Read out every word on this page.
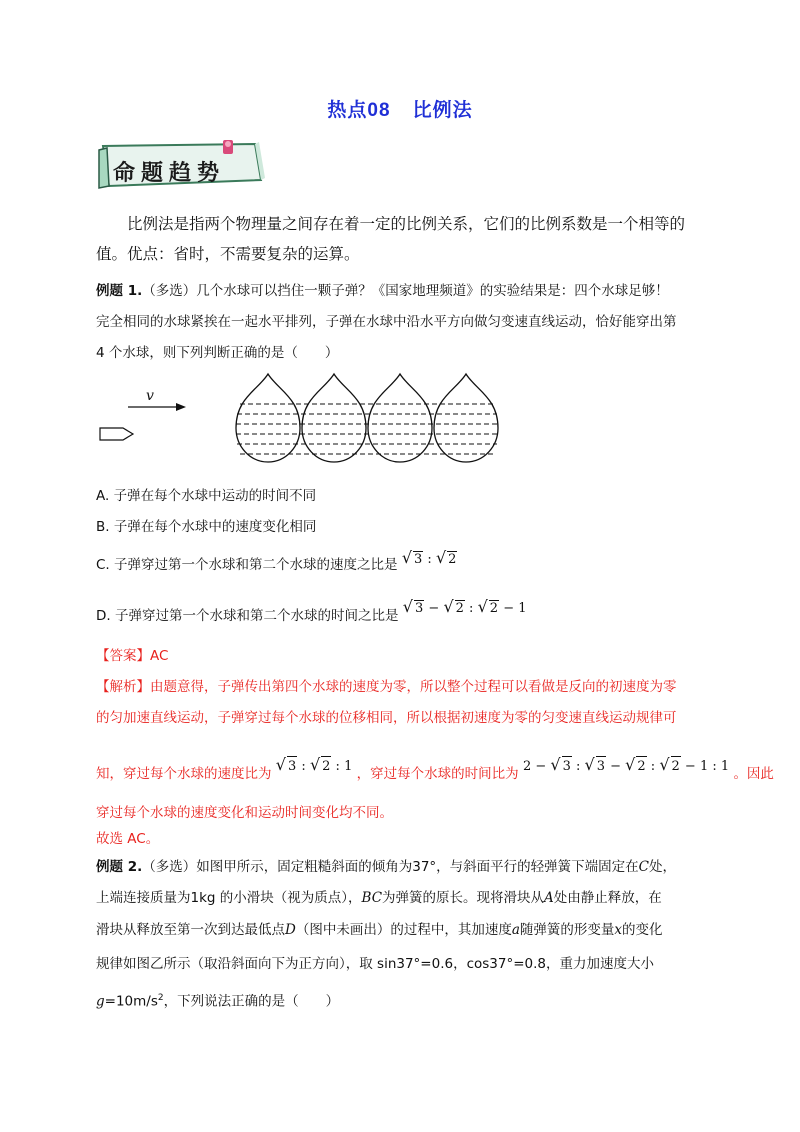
热点08 比例法
命题趋势
比例法是指两个物理量之间存在着一定的比例关系，它们的比例系数是一个相等的
值。优点：省时，不需要复杂的运算。
例题 1.（多选）几个水球可以挡住一颗子弹？《国家地理频道》的实验结果是：四个水球足够！
完全相同的水球紧挨在一起水平排列，子弹在水球中沿水平方向做匀变速直线运动，恰好能穿出第
4 个水球，则下列判断正确的是（　　）
v
A. 子弹在每个水球中运动的时间不同
B. 子弹在每个水球中的速度变化相同
C. 子弹穿过第一个水球和第二个水球的速度之比是 √ 3 : √ 2
D. 子弹穿过第一个水球和第二个水球的时间之比是 √ 3 − √ 2 : √ 2 − 1
【答案】AC
【解析】由题意得，子弹传出第四个水球的速度为零，所以整个过程可以看做是反向的初速度为零
的匀加速直线运动，子弹穿过每个水球的位移相同，所以根据初速度为零的匀变速直线运动规律可
知，穿过每个水球的速度比为 √ 3 : √ 2 : 1 ，穿过每个水球的时间比为 2 − √ 3 : √ 3 − √ 2 : √ 2 − 1 : 1 。因此
穿过每个水球的速度变化和运动时间变化均不同。
故选 AC。
例题 2.（多选）如图甲所示，固定粗糙斜面的倾角为37°，与斜面平行的轻弹簧下端固定在C处，
上端连接质量为1kg 的小滑块（视为质点），BC为弹簧的原长。现将滑块从A处由静止释放，在
滑块从释放至第一次到达最低点D（图中未画出）的过程中，其加速度a随弹簧的形变量x的变化
规律如图乙所示（取沿斜面向下为正方向），取 sin37°=0.6，cos37°=0.8，重力加速度大小
$g=10m/s^2$，下列说法正确的是（　　）
